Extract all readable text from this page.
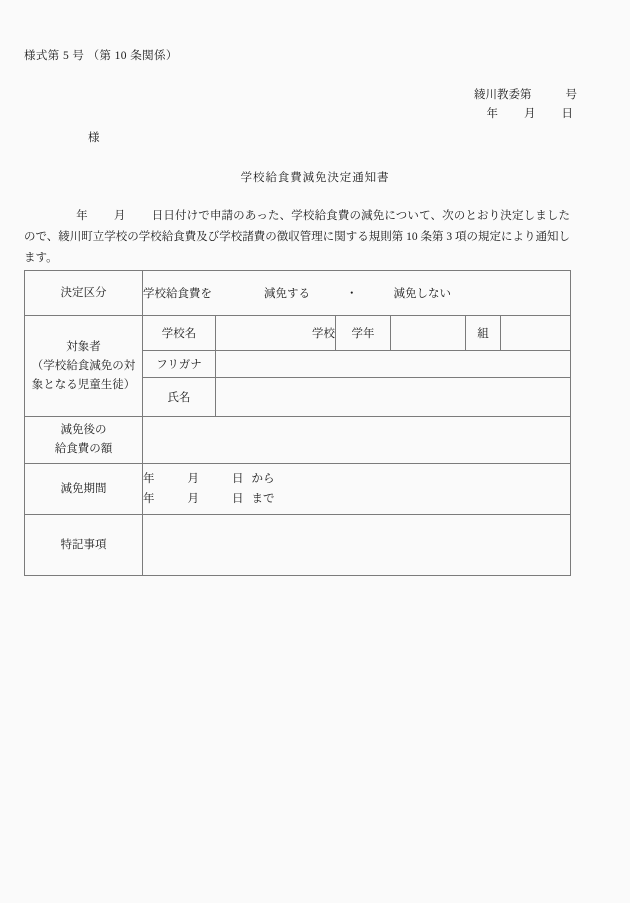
様式第 5 号 （第 10 条関係）
綾川教委第	号
年 月 日
様
学校給食費減免決定通知書
年 月 日日付けで申請のあった、学校給食費の減免について、次のとおり決定しましたので、綾川町立学校の学校給食費及び学校諸費の徴収管理に関する規則第 10 条第 3 項の規定により通知します。
決定区分	学校給食費を 減免する ・ 減免しない					

対象者
（学校給食減免の対
象となる児童生徒）	学校名	学校	学年		組	
	フリガナ					
	氏名					

減免後の
給食費の額						

減免期間	年 月 日 から
年 月 日 まで					

特記事項						
